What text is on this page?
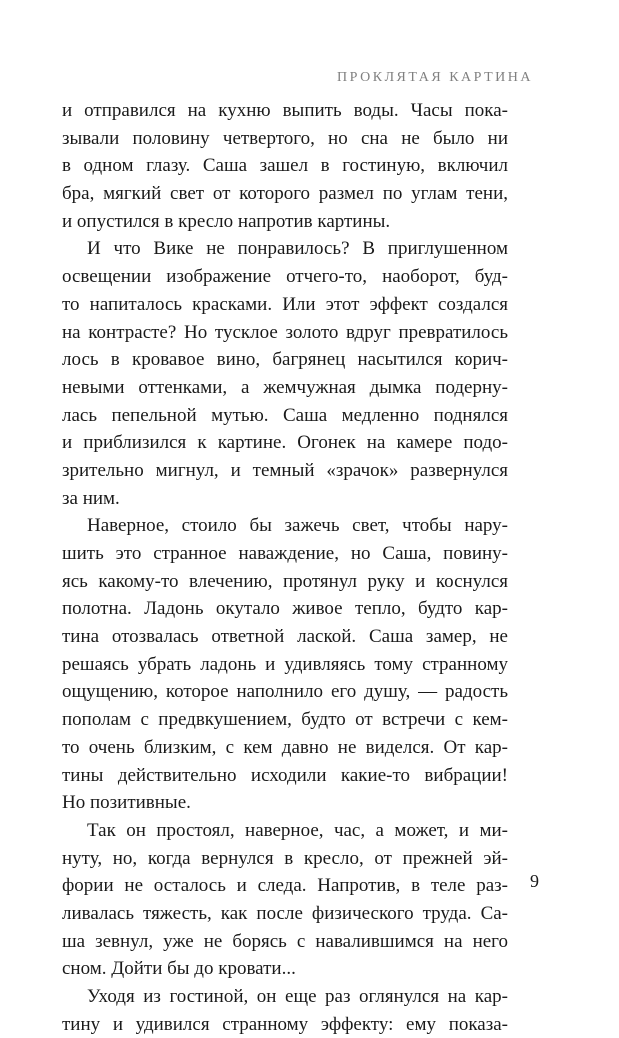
ПРОКЛЯТАЯ КАРТИНА
и отправился на кухню выпить воды. Часы пока-
зывали половину четвертого, но сна не было ни
в одном глазу. Саша зашел в гостиную, включил
бра, мягкий свет от которого размел по углам тени,
и опустился в кресло напротив картины.
И что Вике не понравилось? В приглушенном
освещении изображение отчего-то, наоборот, буд-
то напиталось красками. Или этот эффект создался
на контрасте? Но тусклое золото вдруг превратилось
лось в кровавое вино, багрянец насытился корич-
невыми оттенками, а жемчужная дымка подерну-
лась пепельной мутью. Саша медленно поднялся
и приблизился к картине. Огонек на камере подо-
зрительно мигнул, и темный «зрачок» развернулся
за ним.
Наверное, стоило бы зажечь свет, чтобы нару-
шить это странное наваждение, но Саша, повину-
ясь какому-то влечению, протянул руку и коснулся
полотна. Ладонь окутало живое тепло, будто кар-
тина отозвалась ответной лаской. Саша замер, не
решаясь убрать ладонь и удивляясь тому странному
ощущению, которое наполнило его душу, — радость
пополам с предвкушением, будто от встречи с кем-
то очень близким, с кем давно не виделся. От кар-
тины действительно исходили какие-то вибрации!
Но позитивные.
Так он простоял, наверное, час, а может, и ми-
нуту, но, когда вернулся в кресло, от прежней эй-
фории не осталось и следа. Напротив, в теле раз-
ливалась тяжесть, как после физического труда. Са-
ша зевнул, уже не борясь с навалившимся на него
сном. Дойти бы до кровати...
Уходя из гостиной, он еще раз оглянулся на кар-
тину и удивился странному эффекту: ему показа-
9
